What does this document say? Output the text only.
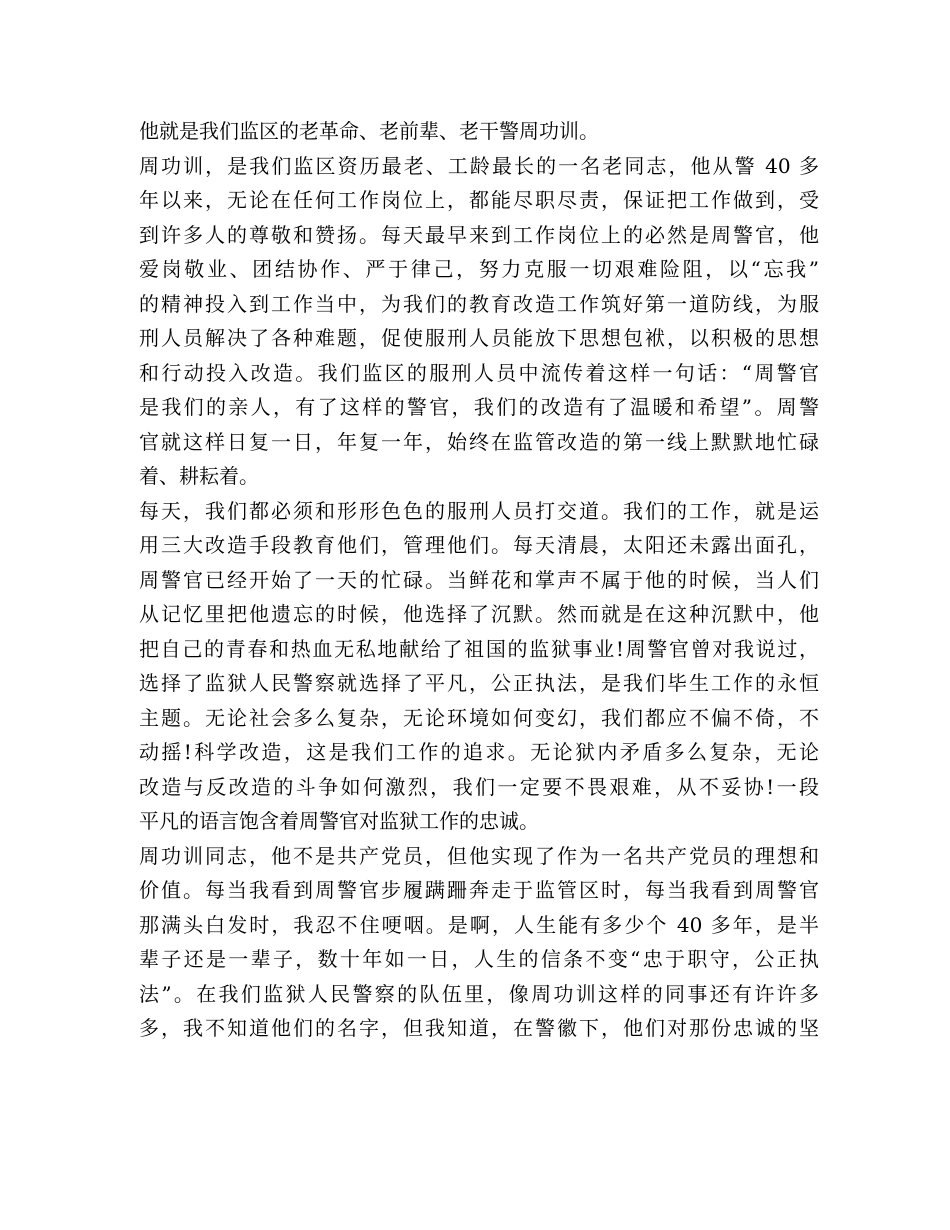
他就是我们监区的老革命、老前辈、老干警周功训。
周功训，是我们监区资历最老、工龄最长的一名老同志，他从警 40 多
年以来，无论在任何工作岗位上，都能尽职尽责，保证把工作做到，受
到许多人的尊敬和赞扬。每天最早来到工作岗位上的必然是周警官，他
爱岗敬业、团结协作、严于律己，努力克服一切艰难险阻，以“忘我”
的精神投入到工作当中，为我们的教育改造工作筑好第一道防线，为服
刑人员解决了各种难题，促使服刑人员能放下思想包袱，以积极的思想
和行动投入改造。我们监区的服刑人员中流传着这样一句话：“周警官
是我们的亲人，有了这样的警官，我们的改造有了温暖和希望”。周警
官就这样日复一日，年复一年，始终在监管改造的第一线上默默地忙碌
着、耕耘着。
每天，我们都必须和形形色色的服刑人员打交道。我们的工作，就是运
用三大改造手段教育他们，管理他们。每天清晨，太阳还未露出面孔，
周警官已经开始了一天的忙碌。当鲜花和掌声不属于他的时候，当人们
从记忆里把他遗忘的时候，他选择了沉默。然而就是在这种沉默中，他
把自己的青春和热血无私地献给了祖国的监狱事业!周警官曾对我说过，
选择了监狱人民警察就选择了平凡，公正执法，是我们毕生工作的永恒
主题。无论社会多么复杂，无论环境如何变幻，我们都应不偏不倚，不
动摇!科学改造，这是我们工作的追求。无论狱内矛盾多么复杂，无论
改造与反改造的斗争如何激烈，我们一定要不畏艰难，从不妥协!一段
平凡的语言饱含着周警官对监狱工作的忠诚。
周功训同志，他不是共产党员，但他实现了作为一名共产党员的理想和
价值。每当我看到周警官步履蹒跚奔走于监管区时，每当我看到周警官
那满头白发时，我忍不住哽咽。是啊，人生能有多少个 40 多年，是半
辈子还是一辈子，数十年如一日，人生的信条不变“忠于职守，公正执
法”。在我们监狱人民警察的队伍里，像周功训这样的同事还有许许多
多，我不知道他们的名字，但我知道，在警徽下，他们对那份忠诚的坚
